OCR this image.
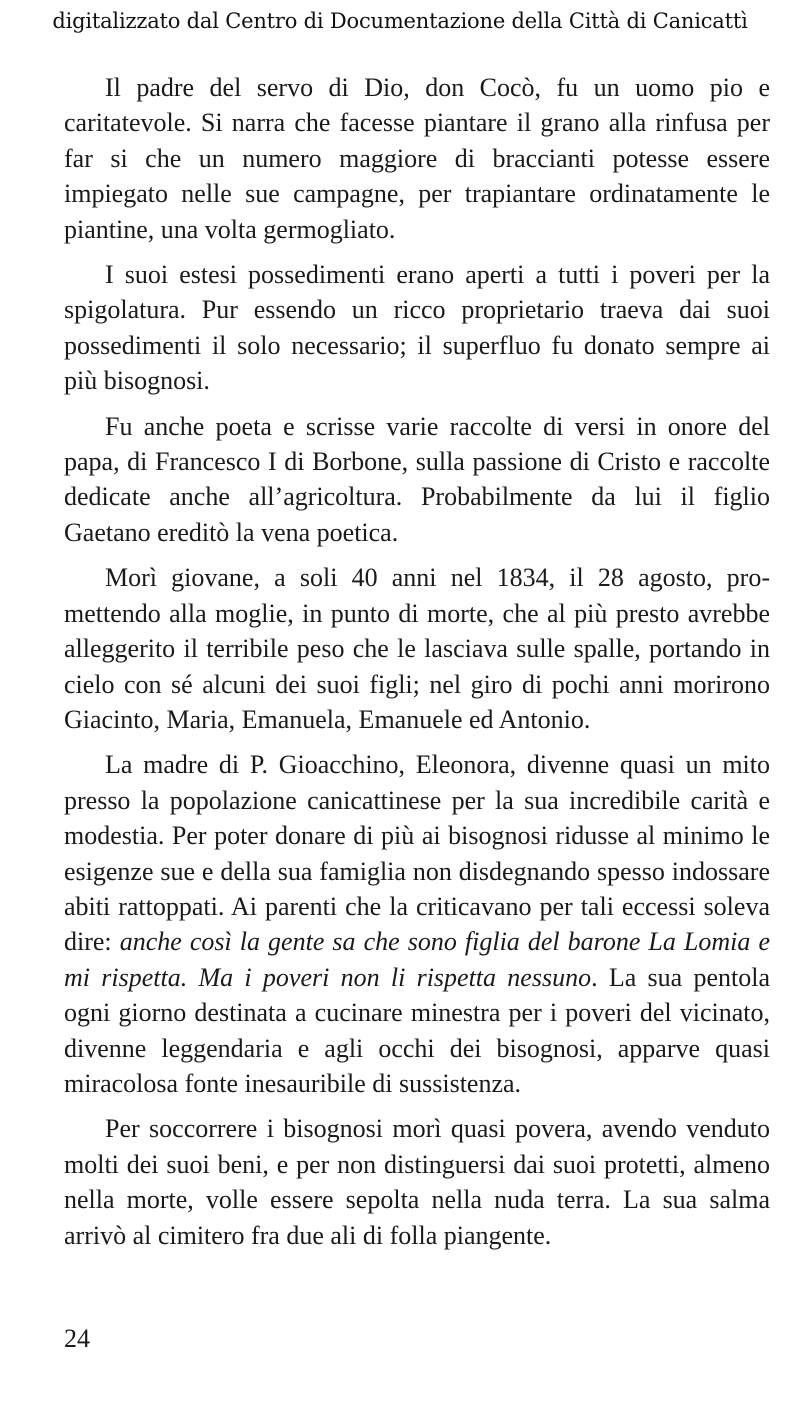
digitalizzato dal Centro di Documentazione della Città di Canicattì

Il padre del servo di Dio, don Cocò, fu un uomo pio e caritatevole. Si narra che facesse piantare il grano alla rinfusa per far si che un numero maggiore di braccianti potesse essere impiegato nelle sue campagne, per trapiantare ordinatamente le piantine, una volta germogliato.

I suoi estesi possedimenti erano aperti a tutti i poveri per la spigolatura. Pur essendo un ricco proprietario traeva dai suoi possedimenti il solo necessario; il superfluo fu donato sempre ai più bisognosi.

Fu anche poeta e scrisse varie raccolte di versi in onore del papa, di Francesco I di Borbone, sulla passione di Cristo e raccolte dedicate anche all’agricoltura. Probabilmente da lui il figlio Gaetano ereditò la vena poetica.

Morì giovane, a soli 40 anni nel 1834, il 28 agosto, promettendo alla moglie, in punto di morte, che al più presto avrebbe alleggerito il terribile peso che le lasciava sulle spalle, portando in cielo con sé alcuni dei suoi figli; nel giro di pochi anni morirono Giacinto, Maria, Emanuela, Emanuele ed Antonio.

La madre di P. Gioacchino, Eleonora, divenne quasi un mito presso la popolazione canicattinese per la sua incredibile carità e modestia. Per poter donare di più ai bisognosi ridusse al minimo le esigenze sue e della sua famiglia non disdegnando spesso indossare abiti rattoppati. Ai parenti che la criticavano per tali eccessi soleva dire: anche così la gente sa che sono figlia del barone La Lomia e mi rispetta. Ma i poveri non li rispetta nessuno. La sua pentola ogni giorno destinata a cucinare minestra per i poveri del vicinato, divenne leggendaria e agli occhi dei bisognosi, apparve quasi miracolosa fonte inesauribile di sussistenza.

Per soccorrere i bisognosi morì quasi povera, avendo venduto molti dei suoi beni, e per non distinguersi dai suoi protetti, almeno nella morte, volle essere sepolta nella nuda terra. La sua salma arrivò al cimitero fra due ali di folla piangente.

24
